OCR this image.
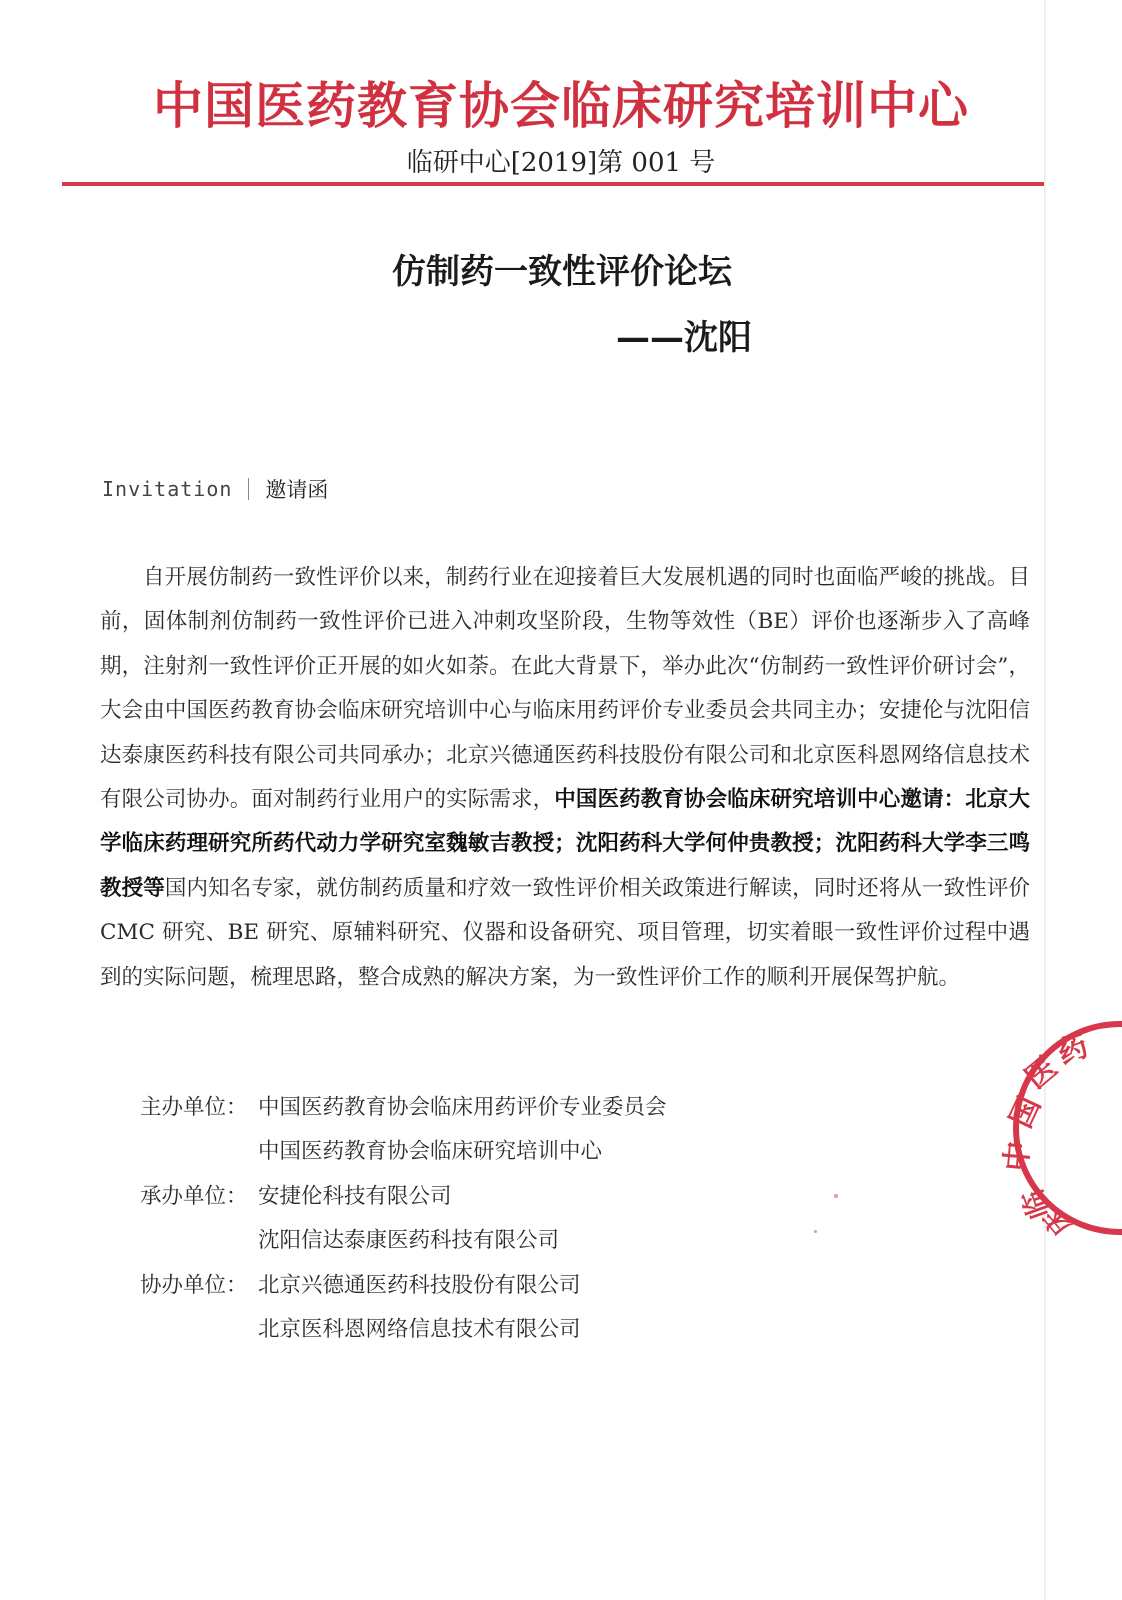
中国医药教育协会临床研究培训中心
临研中心[2019]第 001 号
仿制药一致性评价论坛
——沈阳
Invitation 邀请函
自开展仿制药一致性评价以来，制药行业在迎接着巨大发展机遇的同时也面临严峻的挑战。目前，固体制剂仿制药一致性评价已进入冲刺攻坚阶段，生物等效性（BE）评价也逐渐步入了高峰期，注射剂一致性评价正开展的如火如荼。在此大背景下，举办此次“仿制药一致性评价研讨会”，大会由中国医药教育协会临床研究培训中心与临床用药评价专业委员会共同主办；安捷伦与沈阳信达泰康医药科技有限公司共同承办；北京兴德通医药科技股份有限公司和北京医科恩网络信息技术有限公司协办。面对制药行业用户的实际需求，中国医药教育协会临床研究培训中心邀请：北京大学临床药理研究所药代动力学研究室魏敏吉教授；沈阳药科大学何仲贵教授；沈阳药科大学李三鸣教授等国内知名专家，就仿制药质量和疗效一致性评价相关政策进行解读，同时还将从一致性评价 CMC 研究、BE 研究、原辅料研究、仪器和设备研究、项目管理，切实着眼一致性评价过程中遇到的实际问题，梳理思路，整合成熟的解决方案，为一致性评价工作的顺利开展保驾护航。
主办单位： 中国医药教育协会临床用药评价专业委员会
中国医药教育协会临床研究培训中心
承办单位： 安捷伦科技有限公司
沈阳信达泰康医药科技有限公司
协办单位： 北京兴德通医药科技股份有限公司
北京医科恩网络信息技术有限公司
医
药
国
中
临
床
